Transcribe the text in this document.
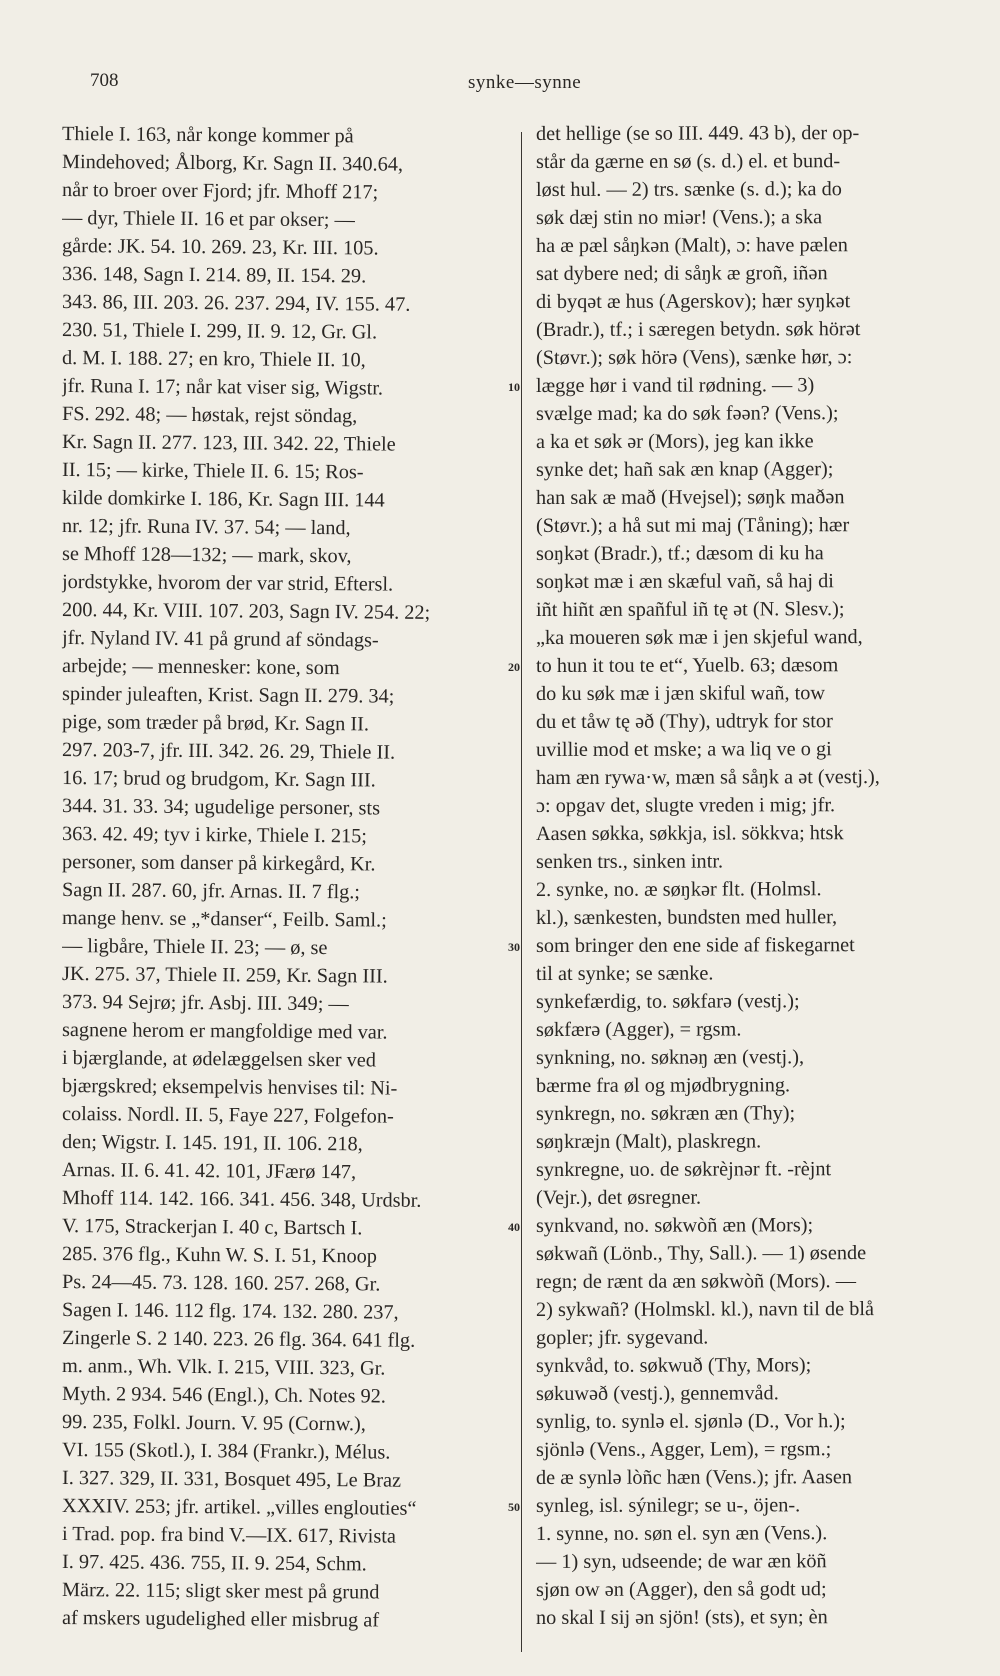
708	synke—synne
Thiele I. 163, når konge kommer på
Mindehoved; Ålborg, Kr. Sagn II. 340.64,
når to broer over Fjord; jfr. Mhoff 217;
— dyr, Thiele II. 16 et par okser; —
gårde: JK. 54. 10. 269. 23, Kr. III. 105.
336. 148, Sagn I. 214. 89, II. 154. 29.
343. 86, III. 203. 26. 237. 294, IV. 155. 47.
230. 51, Thiele I. 299, II. 9. 12, Gr. Gl.
d. M. I. 188. 27; en kro, Thiele II. 10,
jfr. Runa I. 17; når kat viser sig, Wigstr.
FS. 292. 48; — høstak, rejst söndag,
Kr. Sagn II. 277. 123, III. 342. 22, Thiele
II. 15; — kirke, Thiele II. 6. 15; Ros-
kilde domkirke I. 186, Kr. Sagn III. 144
nr. 12; jfr. Runa IV. 37. 54; — land,
se Mhoff 128—132; — mark, skov,
jordstykke, hvorom der var strid, Eftersl.
200. 44, Kr. VIII. 107. 203, Sagn IV. 254. 22;
jfr. Nyland IV. 41 på grund af söndags-
arbejde; — mennesker: kone, som
spinder juleaften, Krist. Sagn II. 279. 34;
pige, som træder på brød, Kr. Sagn II.
297. 203-7, jfr. III. 342. 26. 29, Thiele II.
16. 17; brud og brudgom, Kr. Sagn III.
344. 31. 33. 34; ugudelige personer, sts
363. 42. 49; tyv i kirke, Thiele I. 215;
personer, som danser på kirkegård, Kr.
Sagn II. 287. 60, jfr. Arnas. II. 7 flg.;
mange henv. se „*danser“, Feilb. Saml.;
— ligbåre, Thiele II. 23; — ø, se
JK. 275. 37, Thiele II. 259, Kr. Sagn III.
373. 94 Sejrø; jfr. Asbj. III. 349; —
sagnene herom er mangfoldige med var.
i bjærglande, at ødelæggelsen sker ved
bjærgskred; eksempelvis henvises til: Ni-
colaiss. Nordl. II. 5, Faye 227, Folgefon-
den; Wigstr. I. 145. 191, II. 106. 218,
Arnas. II. 6. 41. 42. 101, JFærø 147,
Mhoff 114. 142. 166. 341. 456. 348, Urdsbr.
V. 175, Strackerjan I. 40 c, Bartsch I.
285. 376 flg., Kuhn W. S. I. 51, Knoop
Ps. 24—45. 73. 128. 160. 257. 268, Gr.
Sagen I. 146. 112 flg. 174. 132. 280. 237,
Zingerle S. 2 140. 223. 26 flg. 364. 641 flg.
m. anm., Wh. Vlk. I. 215, VIII. 323, Gr.
Myth. 2 934. 546 (Engl.), Ch. Notes 92.
99. 235, Folkl. Journ. V. 95 (Cornw.),
VI. 155 (Skotl.), I. 384 (Frankr.), Mélus.
I. 327. 329, II. 331, Bosquet 495, Le Braz
XXXIV. 253; jfr. artikel. „villes englouties“
i Trad. pop. fra bind V.—IX. 617, Rivista
I. 97. 425. 436. 755, II. 9. 254, Schm.
März. 22. 115; sligt sker mest på grund
af mskers ugudelighed eller misbrug af
det hellige (se so III. 449. 43 b), der op-
står da gærne en sø (s. d.) el. et bund-
løst hul. — 2) trs. sænke (s. d.); ka do
søk dæj stin no miər! (Vens.); a ska
ha æ pæl såŋkən (Malt), ɔ: have pælen
sat dybere ned; di såŋk æ groñ, iñən
di byqət æ hus (Agerskov); hær syŋkət
(Bradr.), tf.; i særegen betydn. søk hörət
(Støvr.); søk hörə (Vens), sænke hør, ɔ:
lægge hør i vand til rødning. — 3)
svælge mad; ka do søk fəən? (Vens.);
a ka et søk ər (Mors), jeg kan ikke
synke det; hañ sak æn knap (Agger);
han sak æ mað (Hvejsel); søŋk maðən
(Støvr.); a hå sut mi maj (Tåning); hær
soŋkət (Bradr.), tf.; dæsom di ku ha
soŋkət mæ i æn skæful vañ, så haj di
iñt hiñt æn spañful iñ tę ət (N. Slesv.);
„ka moueren søk mæ i jen skjeful wand,
to hun it tou te et“, Yuelb. 63; dæsom
do ku søk mæ i jæn skiful wañ, tow
du et tåw tę əð (Thy), udtryk for stor
uvillie mod et mske; a wa liq ve o gi
ham æn rywa·w, mæn så såŋk a ət (vestj.),
ɔ: opgav det, slugte vreden i mig; jfr.
Aasen søkka, søkkja, isl. sökkva; htsk
senken trs., sinken intr.
2. synke, no. æ søŋkər flt. (Holmsl.
kl.), sænkesten, bundsten med huller,
som bringer den ene side af fiskegarnet
til at synke; se sænke.
synkefærdig, to. søkfarə (vestj.);
søkfærə (Agger), = rgsm.
synkning, no. søknəŋ æn (vestj.),
bærme fra øl og mjødbrygning.
synkregn, no. søkræn æn (Thy);
søŋkræjn (Malt), plaskregn.
synkregne, uo. de søkrèjnər ft. -rèjnt
(Vejr.), det øsregner.
synkvand, no. søkwòñ æn (Mors);
søkwañ (Lönb., Thy, Sall.). — 1) øsende
regn; de rænt da æn søkwòñ (Mors). —
2) sykwañ? (Holmskl. kl.), navn til de blå
gopler; jfr. sygevand.
synkvåd, to. søkwuð (Thy, Mors);
søkuwəð (vestj.), gennemvåd.
synlig, to. synlə el. sjønlə (D., Vor h.);
sjönlə (Vens., Agger, Lem), = rgsm.;
de æ synlə lòñc hæn (Vens.); jfr. Aasen
synleg, isl. sýnilegr; se u-, öjen-.
1. synne, no. søn el. syn æn (Vens.).
— 1) syn, udseende; de war æn köñ
sjøn ow ən (Agger), den så godt ud;
no skal I sij ən sjön! (sts), et syn; èn
10
20
30
40
50
